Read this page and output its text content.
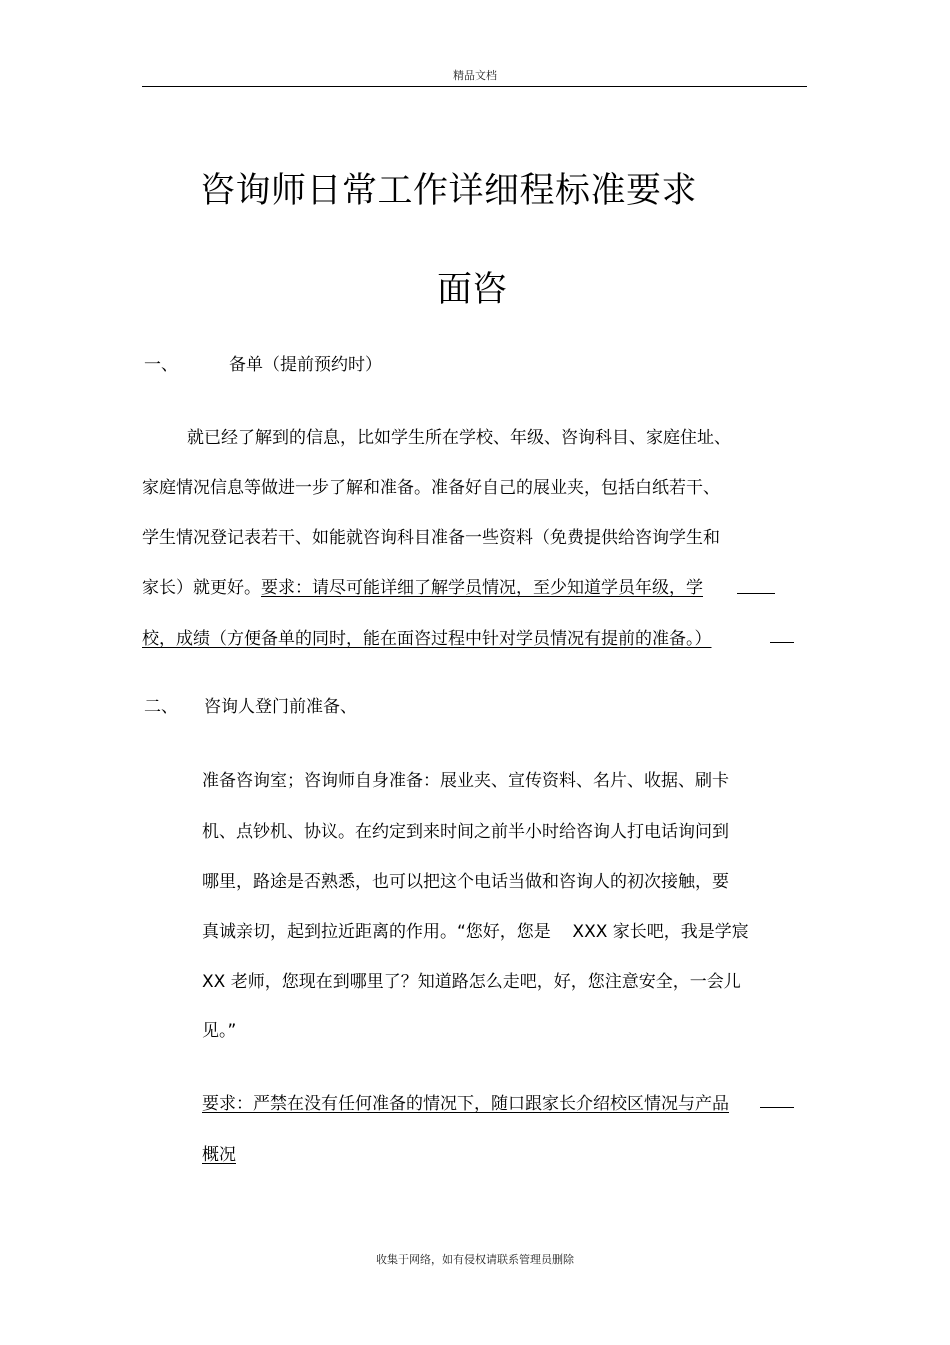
精品文档
咨询师日常工作详细程标准要求
面咨
一、	备单（提前预约时）
就已经了解到的信息，比如学生所在学校、年级、咨询科目、家庭住址、
家庭情况信息等做进一步了解和准备。准备好自己的展业夹，包括白纸若干、
学生情况登记表若干、如能就咨询科目准备一些资料（免费提供给咨询学生和
家长）就更好。要求：请尽可能详细了解学员情况，至少知道学员年级，学
校，成绩（方便备单的同时，能在面咨过程中针对学员情况有提前的准备。）
二、 咨询人登门前准备、
准备咨询室；咨询师自身准备：展业夹、宣传资料、名片、收据、刷卡
机、点钞机、协议。在约定到来时间之前半小时给咨询人打电话询问到
哪里，路途是否熟悉，也可以把这个电话当做和咨询人的初次接触，要
真诚亲切，起到拉近距离的作用。“您好，您是    XXX 家长吧，我是学宸
XX 老师，您现在到哪里了？知道路怎么走吧，好，您注意安全，一会儿
见。”
要求：严禁在没有任何准备的情况下，随口跟家长介绍校区情况与产品
概况
收集于网络，如有侵权请联系管理员删除
